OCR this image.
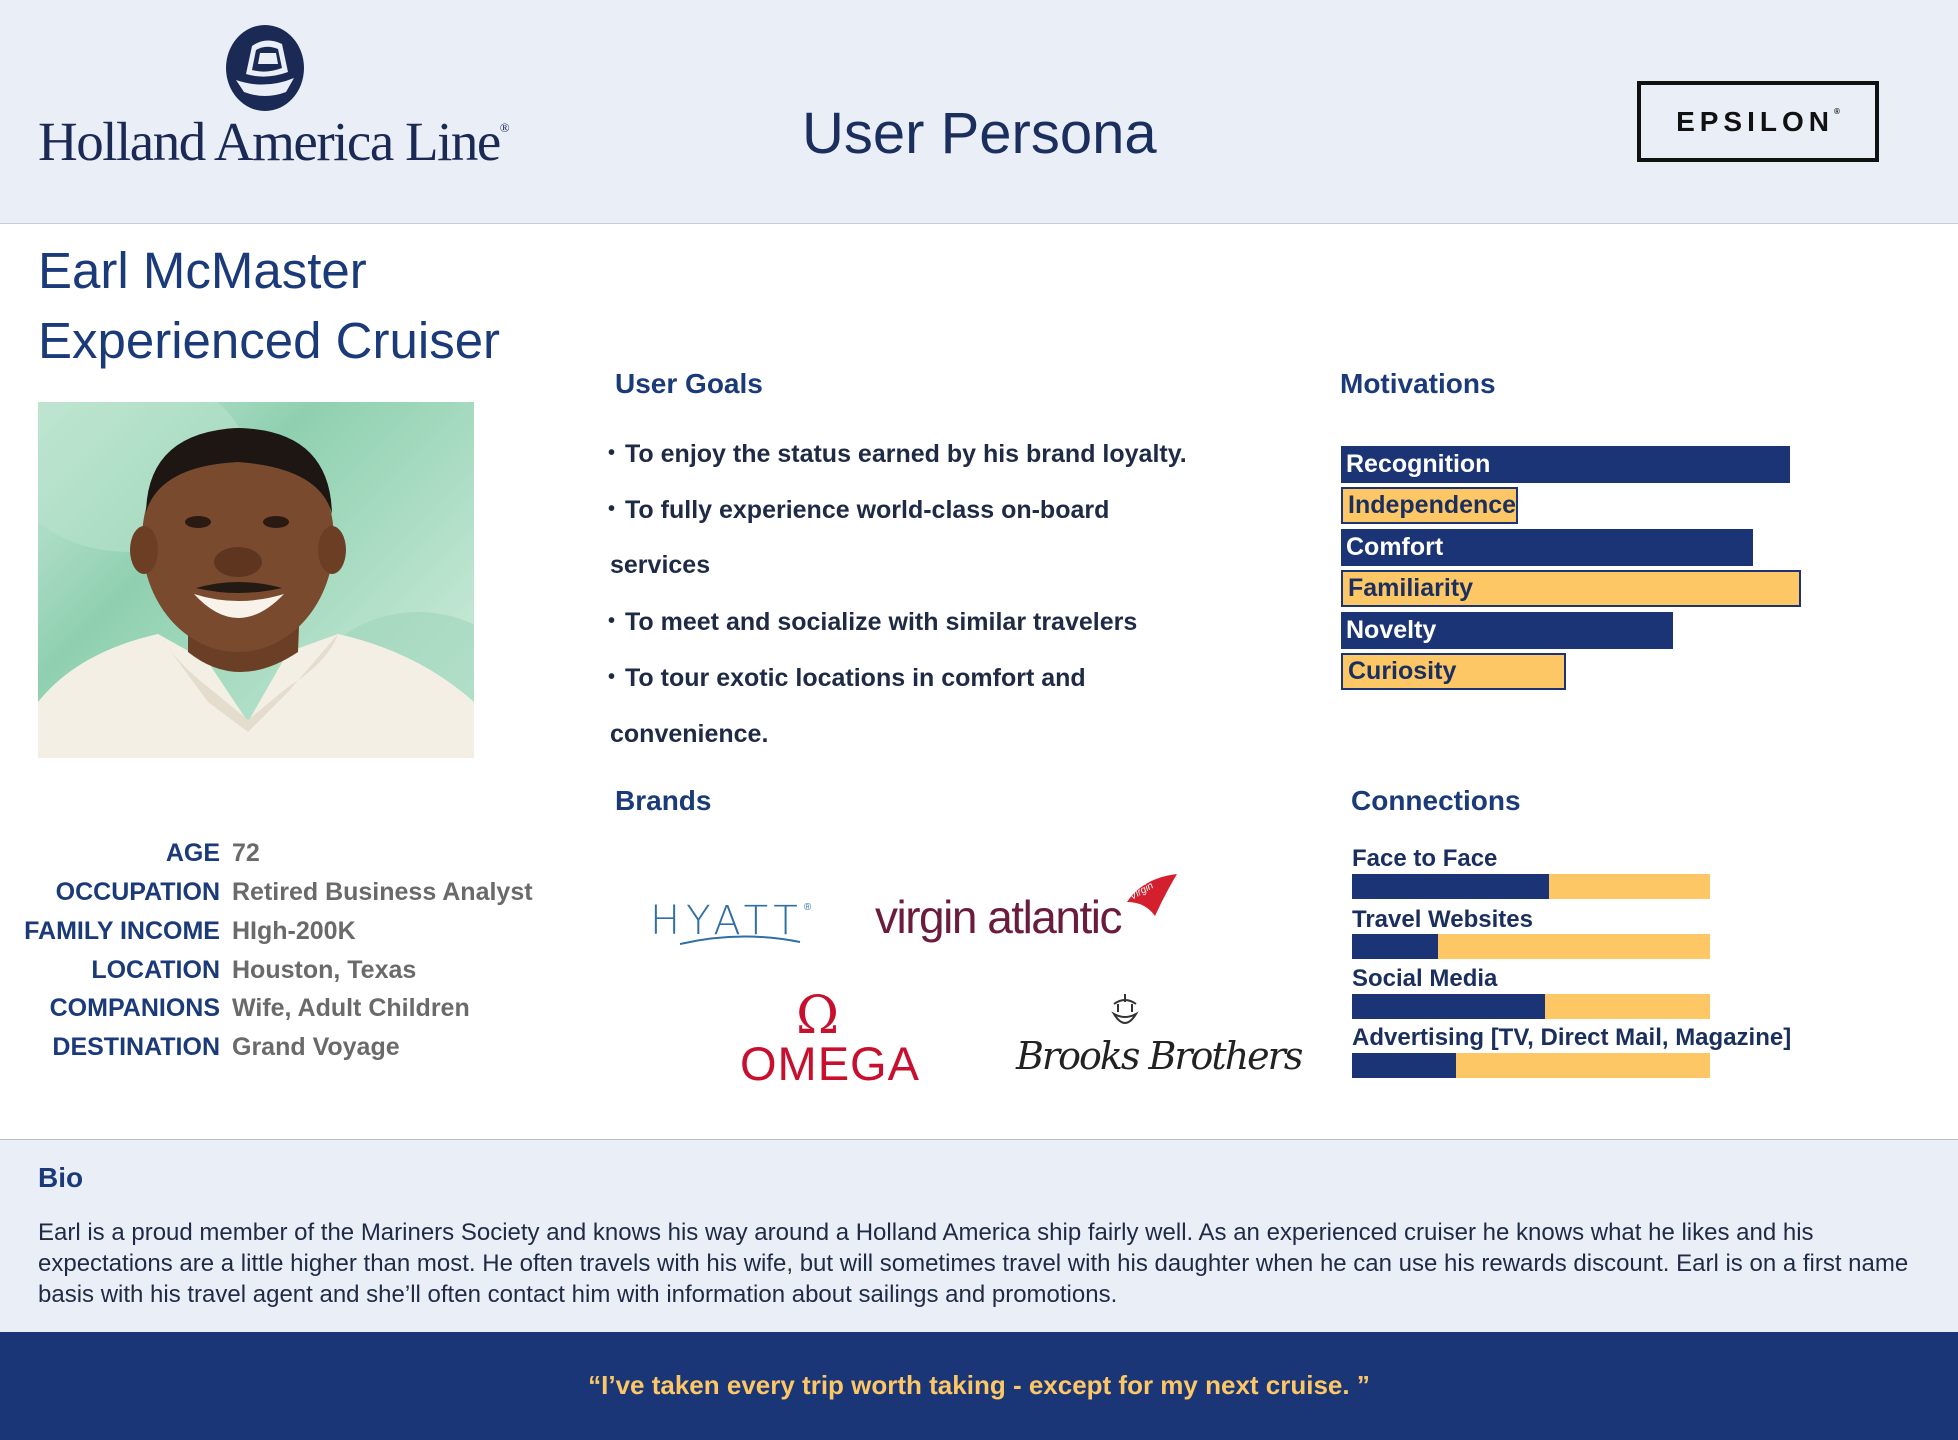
Holland America Line®	User Persona	EPSILON®
Earl McMaster
Experienced Cruiser
AGE 72
OCCUPATION Retired Business Analyst
FAMILY INCOME HIgh-200K
LOCATION Houston, Texas
COMPANIONS Wife, Adult Children
DESTINATION Grand Voyage
User Goals
• To enjoy the status earned by his brand loyalty.
• To fully experience world-class on-board
services
• To meet and socialize with similar travelers
• To tour exotic locations in comfort and
convenience.
Motivations
Recognition
Independence
Comfort
Familiarity
Novelty
Curiosity
Brands
HYATT® virgin atlantic Virgin
Ω
OMEGA	Brooks Brothers
Connections
Face to Face
Travel Websites
Social Media
Advertising [TV, Direct Mail, Magazine]
Bio
Earl is a proud member of the Mariners Society and knows his way around a Holland America ship fairly well. As an experienced cruiser he knows what he likes and his expectations are a little higher than most. He often travels with his wife, but will sometimes travel with his daughter when he can use his rewards discount. Earl is on a first name basis with his travel agent and she’ll often contact him with information about sailings and promotions.
“I’ve taken every trip worth taking - except for my next cruise. ”
